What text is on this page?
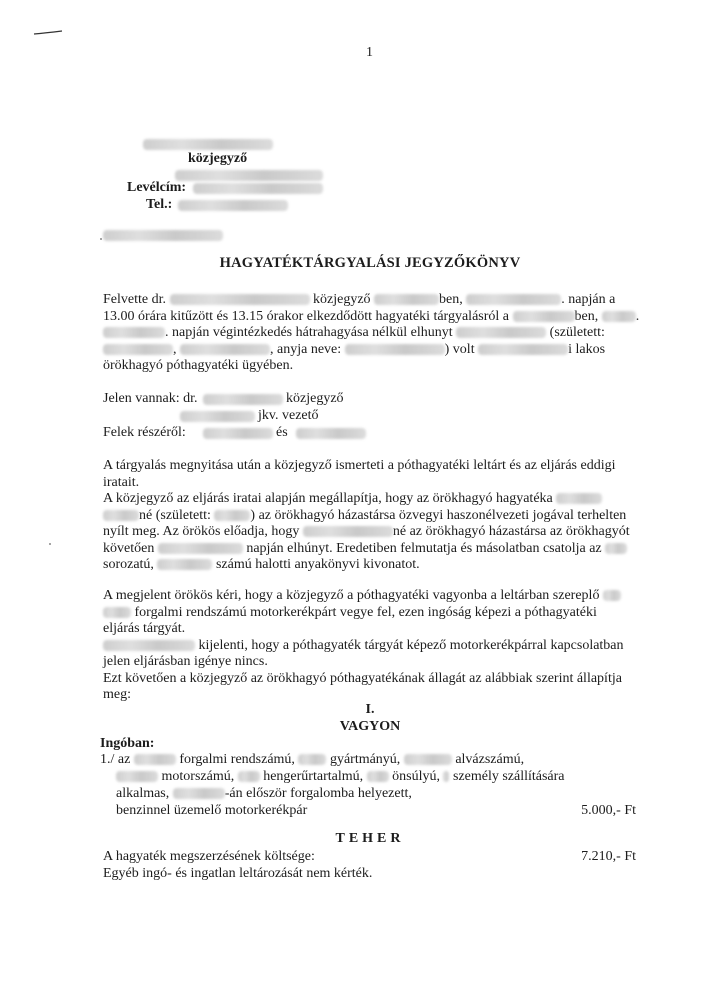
1
közjegyző
Levélcím:
Tel.:
HAGYATÉKTÁRGYALÁSI JEGYZŐKÖNYV
Felvette dr.	közjegyző	ben,	. napján a
13.00 órára kitűzött és 13.15 órakor elkezdődött hagyatéki tárgyalásról a	ben,	.
. napján végintézkedés hátrahagyása nélkül elhunyt	(született:
,	, anyja neve:	) volt	i lakos
örökhagyó póthagyatéki ügyében.
Jelen vannak: dr.	közjegyző
jkv. vezető
Felek részéről:	és
A tárgyalás megnyitása után a közjegyző ismerteti a póthagyatéki leltárt és az eljárás eddigi
iratait.
A közjegyző az eljárás iratai alapján megállapítja, hogy az örökhagyó hagyatéka
né (született:	) az örökhagyó házastársa özvegyi haszonélvezeti jogával terhelten
nyílt meg. Az örökös előadja, hogy	né az örökhagyó házastársa az örökhagyót
követően	napján elhúnyt. Eredetiben felmutatja és másolatban csatolja az
sorozatú,	számú halotti anyakönyvi kivonatot.
A megjelent örökös kéri, hogy a közjegyző a póthagyatéki vagyonba a leltárban szereplő
forgalmi rendszámú motorkerékpárt vegye fel, ezen ingóság képezi a póthagyatéki
eljárás tárgyát.
kijelenti, hogy a póthagyaték tárgyát képező motorkerékpárral kapcsolatban
jelen eljárásban igénye nincs.
Ezt követően a közjegyző az örökhagyó póthagyatékának állagát az alábbiak szerint állapítja
meg:
I.
VAGYON
Ingóban:
1./ az	forgalmi rendszámú,	gyártmányú,	alvázszámú,
motorszámú, hengerűrtartalmú, önsúlyú, személy szállítására
alkalmas,	-án először forgalomba helyezett,
benzinnel üzemelő motorkerékpár	5.000,- Ft
TEHER
A hagyaték megszerzésének költsége:	7.210,- Ft
Egyéb ingó- és ingatlan leltározását nem kérték.
